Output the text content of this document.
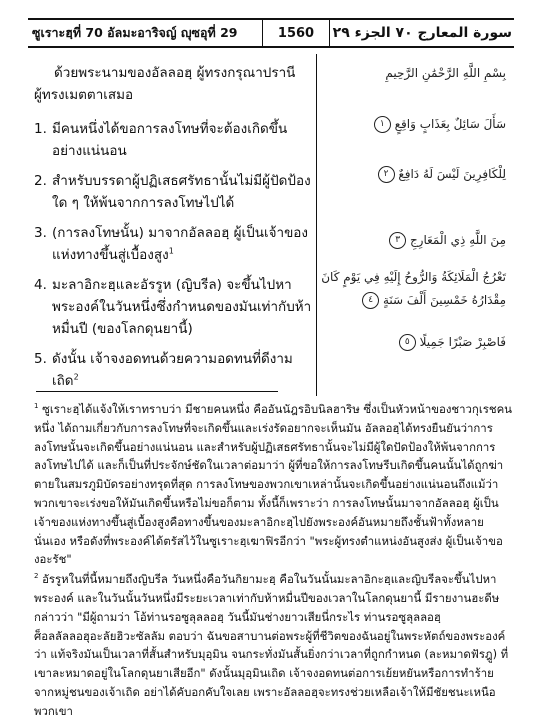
ซูเราะฮฺที่ 70 อัลมะอาริจญ์ ญุซอุที่ 29	1560	سورة المعارج ٧٠ الجزء ٢٩
ด้วยพระนามของอัลลอฮฺ ผู้ทรงกรุณาปรานีผู้ทรงเมตตาเสมอ
1. มีคนหนึ่งได้ขอการลงโทษที่จะต้องเกิดขึ้นอย่างแน่นอน
2. สำหรับบรรดาผู้ปฏิเสธศรัทธานั้นไม่มีผู้ปัดป้องใด ๆ ให้พ้นจากการลงโทษไปได้
3. (การลงโทษนั้น) มาจากอัลลอฮฺ ผู้เป็นเจ้าของแห่งทางขึ้นสู่เบื้องสูง$^1$
4. มะลาอิกะฮฺและอัรรูห (ญิบรีล) จะขึ้นไปหาพระองค์ในวันหนึ่งซึ่งกำหนดของมันเท่ากับห้าหมื่นปี (ของโลกดุนยานี้)
5. ดังนั้น เจ้าจงอดทนด้วยความอดทนที่ดีงามเถิด$^2$
بِسْمِ اللَّهِ الرَّحْمَٰنِ الرَّحِيمِ
سَأَلَ سَائِلٌ بِعَذَابٍ وَاقِعٍ ١
لِلْكَافِرِينَ لَيْسَ لَهُ دَافِعٌ ٢
مِنَ اللَّهِ ذِي الْمَعَارِجِ ٣
تَعْرُجُ الْمَلَائِكَةُ وَالرُّوحُ إِلَيْهِ فِي يَوْمٍ كَانَ
مِقْدَارُهُ خَمْسِينَ أَلْفَ سَنَةٍ ٤
فَاصْبِرْ صَبْرًا جَمِيلًا ٥

$^1$ ซูเราะฮฺได้แจ้งให้เราทราบว่า มีชายคนหนึ่ง คืออันนัฎรอิบนิลฮาริษ ซึ่งเป็นหัวหน้าของชาวกุเรชคนหนึ่ง ได้ถามเกี่ยวกับการลงโทษที่จะเกิดขึ้นและเร่งรัดอยากจะเห็นมัน อัลลอฮฺได้ทรงยืนยันว่าการลงโทษนั้นจะเกิดขึ้นอย่างแน่นอน และสำหรับผู้ปฏิเสธศรัทธานั้นจะไม่มีผู้ใดปัดป้องให้พ้นจากการลงโทษไปได้ และก็เป็นที่ประจักษ์ชัดในเวลาต่อมาว่า ผู้ที่ขอให้การลงโทษรีบเกิดขึ้นคนนั้นได้ถูกฆ่าตายในสมรภูมิบัดรอย่างทรุดที่สุด การลงโทษของพวกเขาเหล่านั้นจะเกิดขึ้นอย่างแน่นอนถึงแม้ว่าพวกเขาจะเร่งขอให้มันเกิดขึ้นหรือไม่ขอก็ตาม ทั้งนี้ก็เพราะว่า การลงโทษนั้นมาจากอัลลอฮฺ ผู้เป็นเจ้าของแห่งทางขึ้นสู่เบื้องสูงคือทางขึ้นของมะลาอิกะฮฺไปยังพระองค์อันหมายถึงชั้นฟ้าทั้งหลายนั่นเอง หรือดังที่พระองค์ได้ตรัสไว้ในซูเราะฮฺเฆาฟิรอีกว่า "พระผู้ทรงตำแหน่งอันสูงส่ง ผู้เป็นเจ้าของอะรัช"

$^2$ อัรรูหในที่นี้หมายถึงญิบรีล วันหนึ่งคือวันกิยามะฮฺ คือในวันนั้นมะลาอิกะฮฺและญิบรีลจะขึ้นไปหาพระองค์ และในวันนั้นวันหนึ่งมีระยะเวลาเท่ากับห้าหมื่นปีของเวลาในโลกดุนยานี้ มีรายงานฮะดีษกล่าวว่า "มีผู้ถามว่า โอ้ท่านรอซูลุลลอฮฺ วันนี้มันช่างยาวเสียนี่กระไร ท่านรอซูลุลลอฮฺ ศ็อลลัลลอฮุอะลัยฮิวะซัลลัม ตอบว่า ฉันขอสาบานต่อพระผู้ที่ชีวิตของฉันอยู่ในพระหัตถ์ของพระองค์ว่า แท้จริงมันเป็นเวลาที่สั้นสำหรับมุอฺมิน จนกระทั่งมันสั้นยิ่งกว่าเวลาที่ถูกกำหนด (ละหมาดฟัรฎู) ที่เขาละหมาดอยู่ในโลกดุนยาเสียอีก" ดังนั้นมุอฺมินเถิด เจ้าจงอดทนต่อการเย้ยหยันหรือการทำร้ายจากหมู่ชนของเจ้าเถิด อย่าได้คับอกคับใจเลย เพราะอัลลอฮฺจะทรงช่วยเหลือเจ้าให้มีชัยชนะเหนือพวกเขา
